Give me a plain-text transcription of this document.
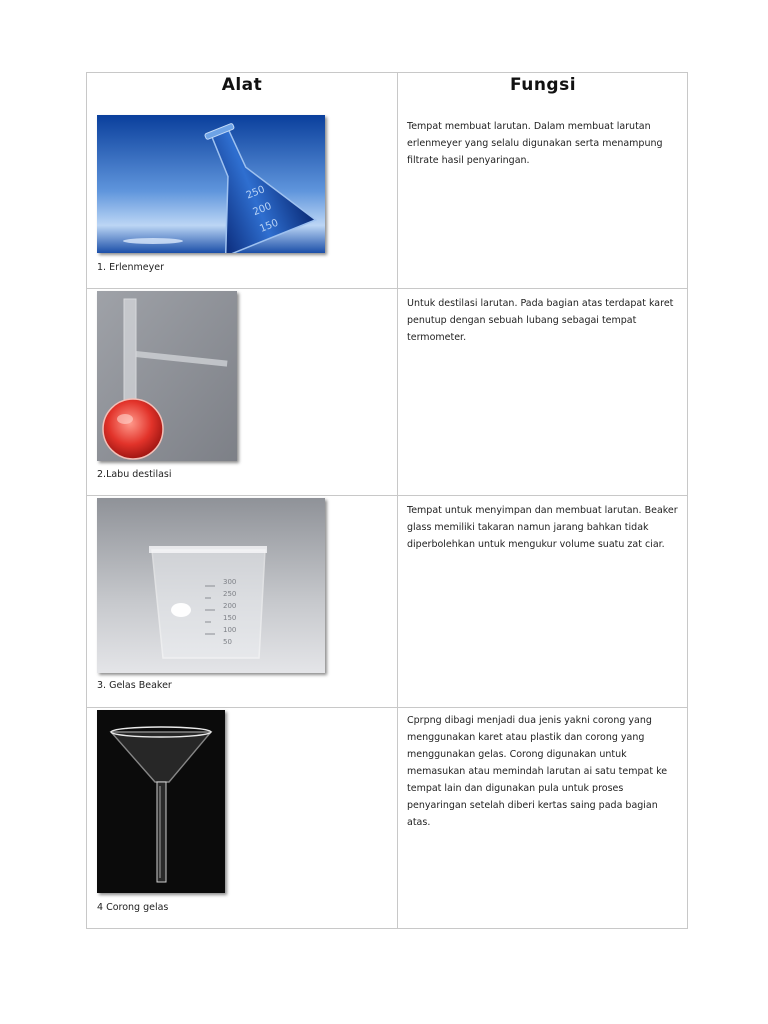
Alat	Fungsi
250
200
150
1. Erlenmeyer
Tempat membuat larutan. Dalam membuat larutan erlenmeyer yang selalu digunakan serta menampung filtrate hasil penyaringan.
2.Labu destilasi
Untuk destilasi larutan. Pada bagian atas terdapat karet penutup dengan sebuah lubang sebagai tempat termometer.
300
250
200
150
100
50
3. Gelas Beaker
Tempat untuk menyimpan dan membuat larutan. Beaker glass memiliki takaran namun jarang bahkan tidak diperbolehkan untuk mengukur volume suatu zat ciar.
4 Corong gelas
Cprpng dibagi menjadi dua jenis yakni corong yang menggunakan karet atau plastik dan corong yang menggunakan gelas. Corong digunakan untuk memasukan atau memindah larutan ai satu tempat ke tempat lain dan digunakan pula untuk proses penyaringan setelah diberi kertas saing pada bagian atas.
